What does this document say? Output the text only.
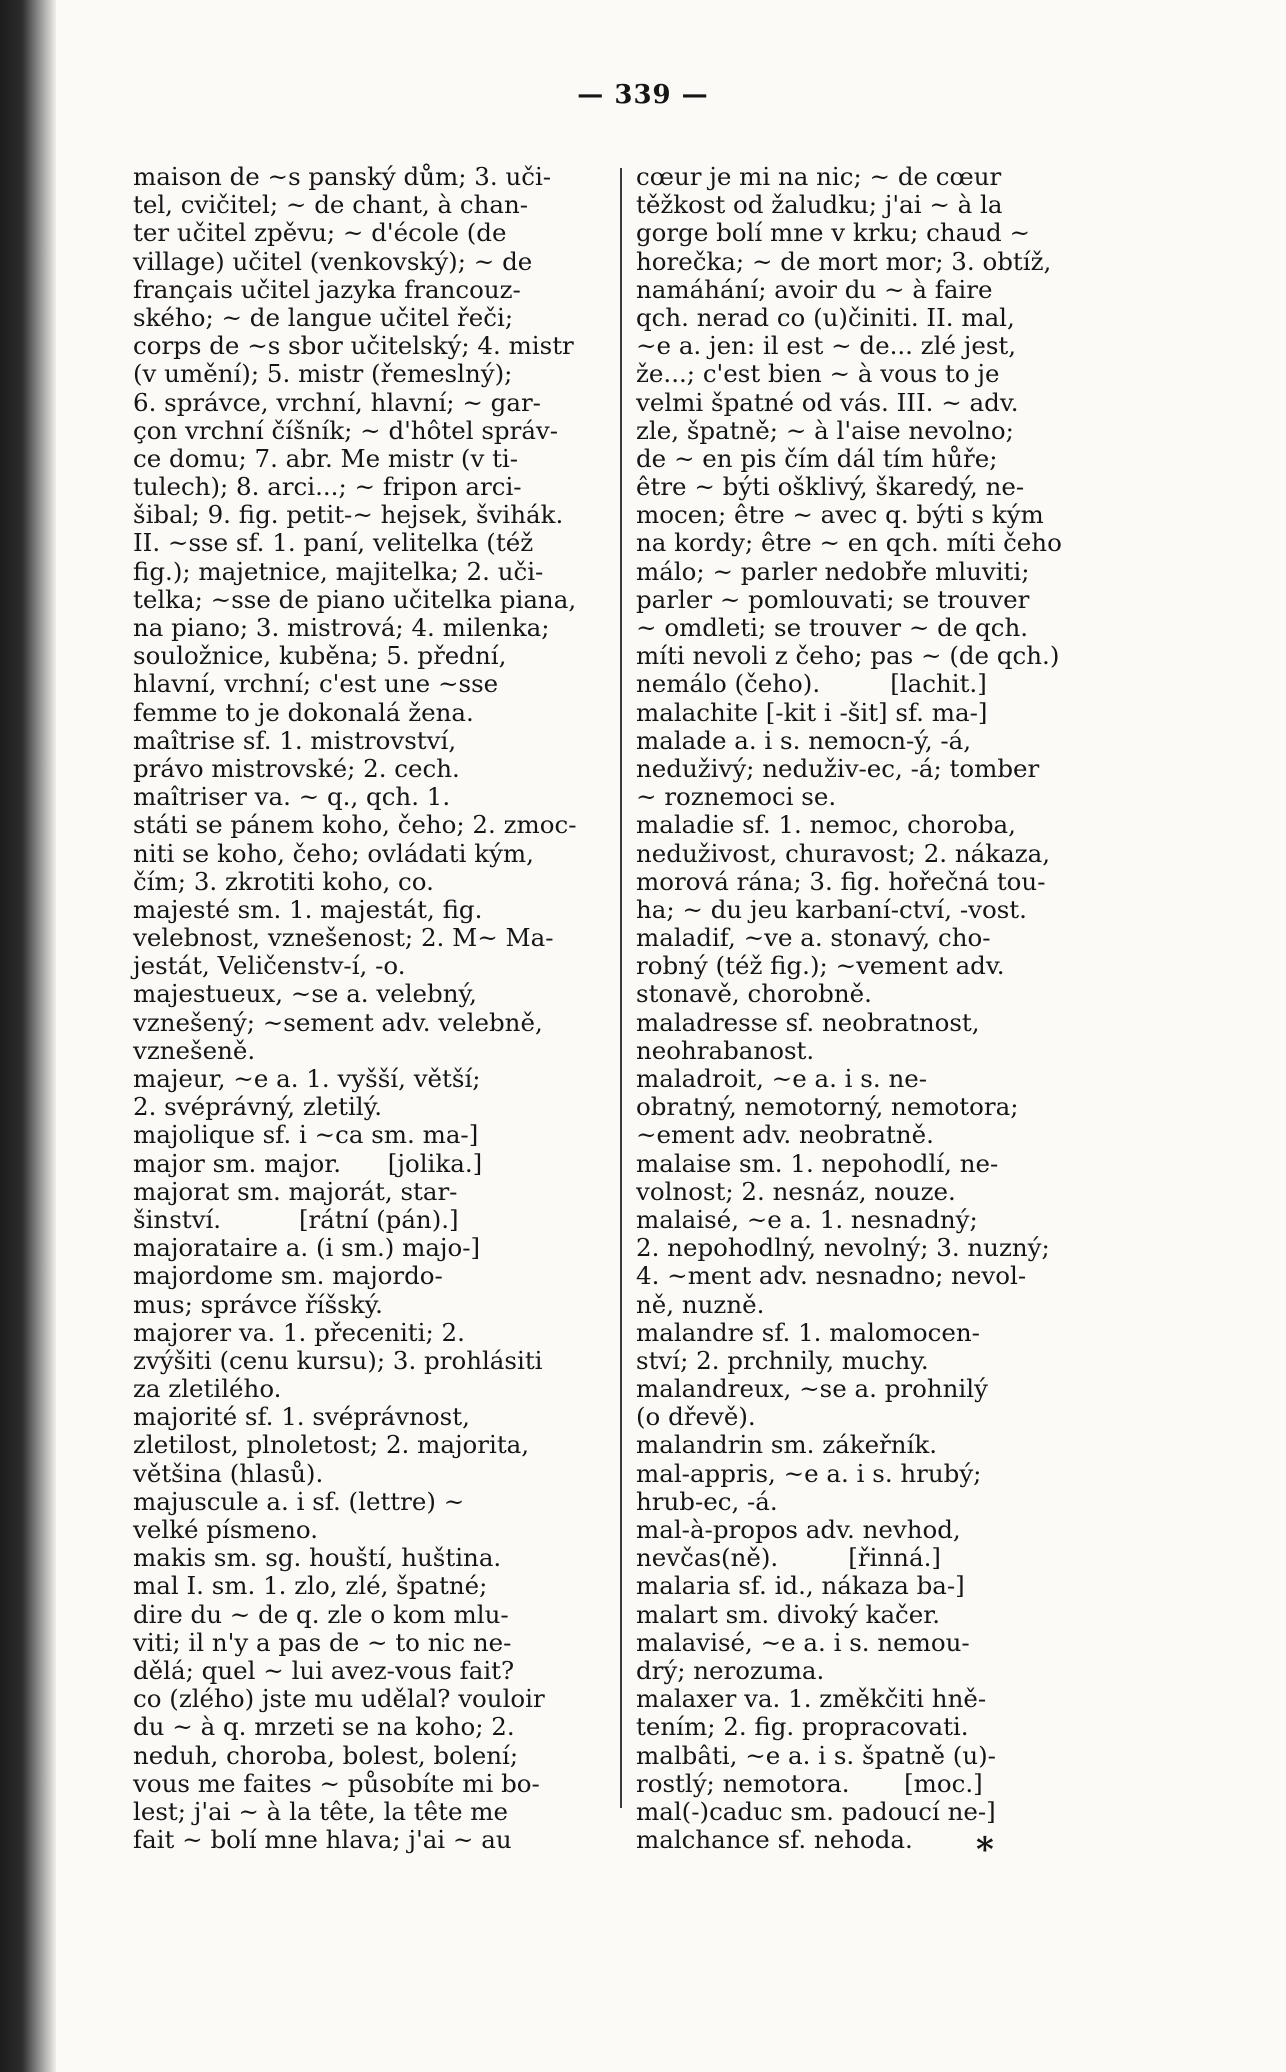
— 339 —
maison de ~s panský dům; 3. uči-
tel, cvičitel; ~ de chant, à chan-
ter učitel zpěvu; ~ d'école (de
village) učitel (venkovský); ~ de
français učitel jazyka francouz-
ského; ~ de langue učitel řeči;
corps de ~s sbor učitelský; 4. mistr
(v umění); 5. mistr (řemeslný);
6. správce, vrchní, hlavní; ~ gar-
çon vrchní číšník; ~ d'hôtel správ-
ce domu; 7. abr. Me mistr (v ti-
tulech); 8. arci...; ~ fripon arci-
šibal; 9. fig. petit-~ hejsek, švihák.
II. ~sse sf. 1. paní, velitelka (též
fig.); majetnice, majitelka; 2. uči-
telka; ~sse de piano učitelka piana,
na piano; 3. mistrová; 4. milenka;
souložnice, kuběna; 5. přední,
hlavní, vrchní; c'est une ~sse
femme to je dokonalá žena.
maîtrise sf. 1. mistrovství,
právo mistrovské; 2. cech.
maîtriser va. ~ q., qch. 1.
státi se pánem koho, čeho; 2. zmoc-
niti se koho, čeho; ovládati kým,
čím; 3. zkrotiti koho, co.
majesté sm. 1. majestát, fig.
velebnost, vznešenost; 2. M~ Ma-
jestát, Veličenstv-í, -o.
majestueux, ~se a. velebný,
vznešený; ~sement adv. velebně,
vznešeně.
majeur, ~e a. 1. vyšší, větší;
2. svéprávný, zletilý.
majolique sf. i ~ca sm. ma-]
major sm. major.      [jolika.]
majorat sm. majorát, star-
šinství.          [rátní (pán).]
majorataire a. (i sm.) majo-]
majordome sm. majordo-
mus; správce říšský.
majorer va. 1. přeceniti; 2.
zvýšiti (cenu kursu); 3. prohlásiti
za zletilého.
majorité sf. 1. svéprávnost,
zletilost, plnoletost; 2. majorita,
většina (hlasů).
majuscule a. i sf. (lettre) ~
velké písmeno.
makis sm. sg. houští, huština.
mal I. sm. 1. zlo, zlé, špatné;
dire du ~ de q. zle o kom mlu-
viti; il n'y a pas de ~ to nic ne-
dělá; quel ~ lui avez-vous fait?
co (zlého) jste mu udělal? vouloir
du ~ à q. mrzeti se na koho; 2.
neduh, choroba, bolest, bolení;
vous me faites ~ působíte mi bo-
lest; j'ai ~ à la tête, la tête me
fait ~ bolí mne hlava; j'ai ~ au
cœur je mi na nic; ~ de cœur
těžkost od žaludku; j'ai ~ à la
gorge bolí mne v krku; chaud ~
horečka; ~ de mort mor; 3. obtíž,
namáhání; avoir du ~ à faire
qch. nerad co (u)činiti. II. mal,
~e a. jen: il est ~ de... zlé jest,
že...; c'est bien ~ à vous to je
velmi špatné od vás. III. ~ adv.
zle, špatně; ~ à l'aise nevolno;
de ~ en pis čím dál tím hůře;
être ~ býti ošklivý, škaredý, ne-
mocen; être ~ avec q. býti s kým
na kordy; être ~ en qch. míti čeho
málo; ~ parler nedobře mluviti;
parler ~ pomlouvati; se trouver
~ omdleti; se trouver ~ de qch.
míti nevoli z čeho; pas ~ (de qch.)
nemálo (čeho).         [lachit.]
malachite [-kit i -šit] sf. ma-]
malade a. i s. nemocn-ý, -á,
neduživý; neduživ-ec, -á; tomber
~ roznemoci se.
maladie sf. 1. nemoc, choroba,
neduživost, churavost; 2. nákaza,
morová rána; 3. fig. hořečná tou-
ha; ~ du jeu karbaní-ctví, -vost.
maladif, ~ve a. stonavý, cho-
robný (též fig.); ~vement adv.
stonavě, chorobně.
maladresse sf. neobratnost,
neohrabanost.
maladroit, ~e a. i s. ne-
obratný, nemotorný, nemotora;
~ement adv. neobratně.
malaise sm. 1. nepohodlí, ne-
volnost; 2. nesnáz, nouze.
malaisé, ~e a. 1. nesnadný;
2. nepohodlný, nevolný; 3. nuzný;
4. ~ment adv. nesnadno; nevol-
ně, nuzně.
malandre sf. 1. malomocen-
ství; 2. prchnily, muchy.
malandreux, ~se a. prohnilý
(o dřevě).
malandrin sm. zákeřník.
mal-appris, ~e a. i s. hrubý;
hrub-ec, -á.
mal-à-propos adv. nevhod,
nevčas(ně).         [řinná.]
malaria sf. id., nákaza ba-]
malart sm. divoký kačer.
malavisé, ~e a. i s. nemou-
drý; nerozuma.
malaxer va. 1. změkčiti hně-
tením; 2. fig. propracovati.
malbâti, ~e a. i s. špatně (u)-
rostlý; nemotora.       [moc.]
mal(-)caduc sm. padoucí ne-]
malchance sf. nehoda.	*
